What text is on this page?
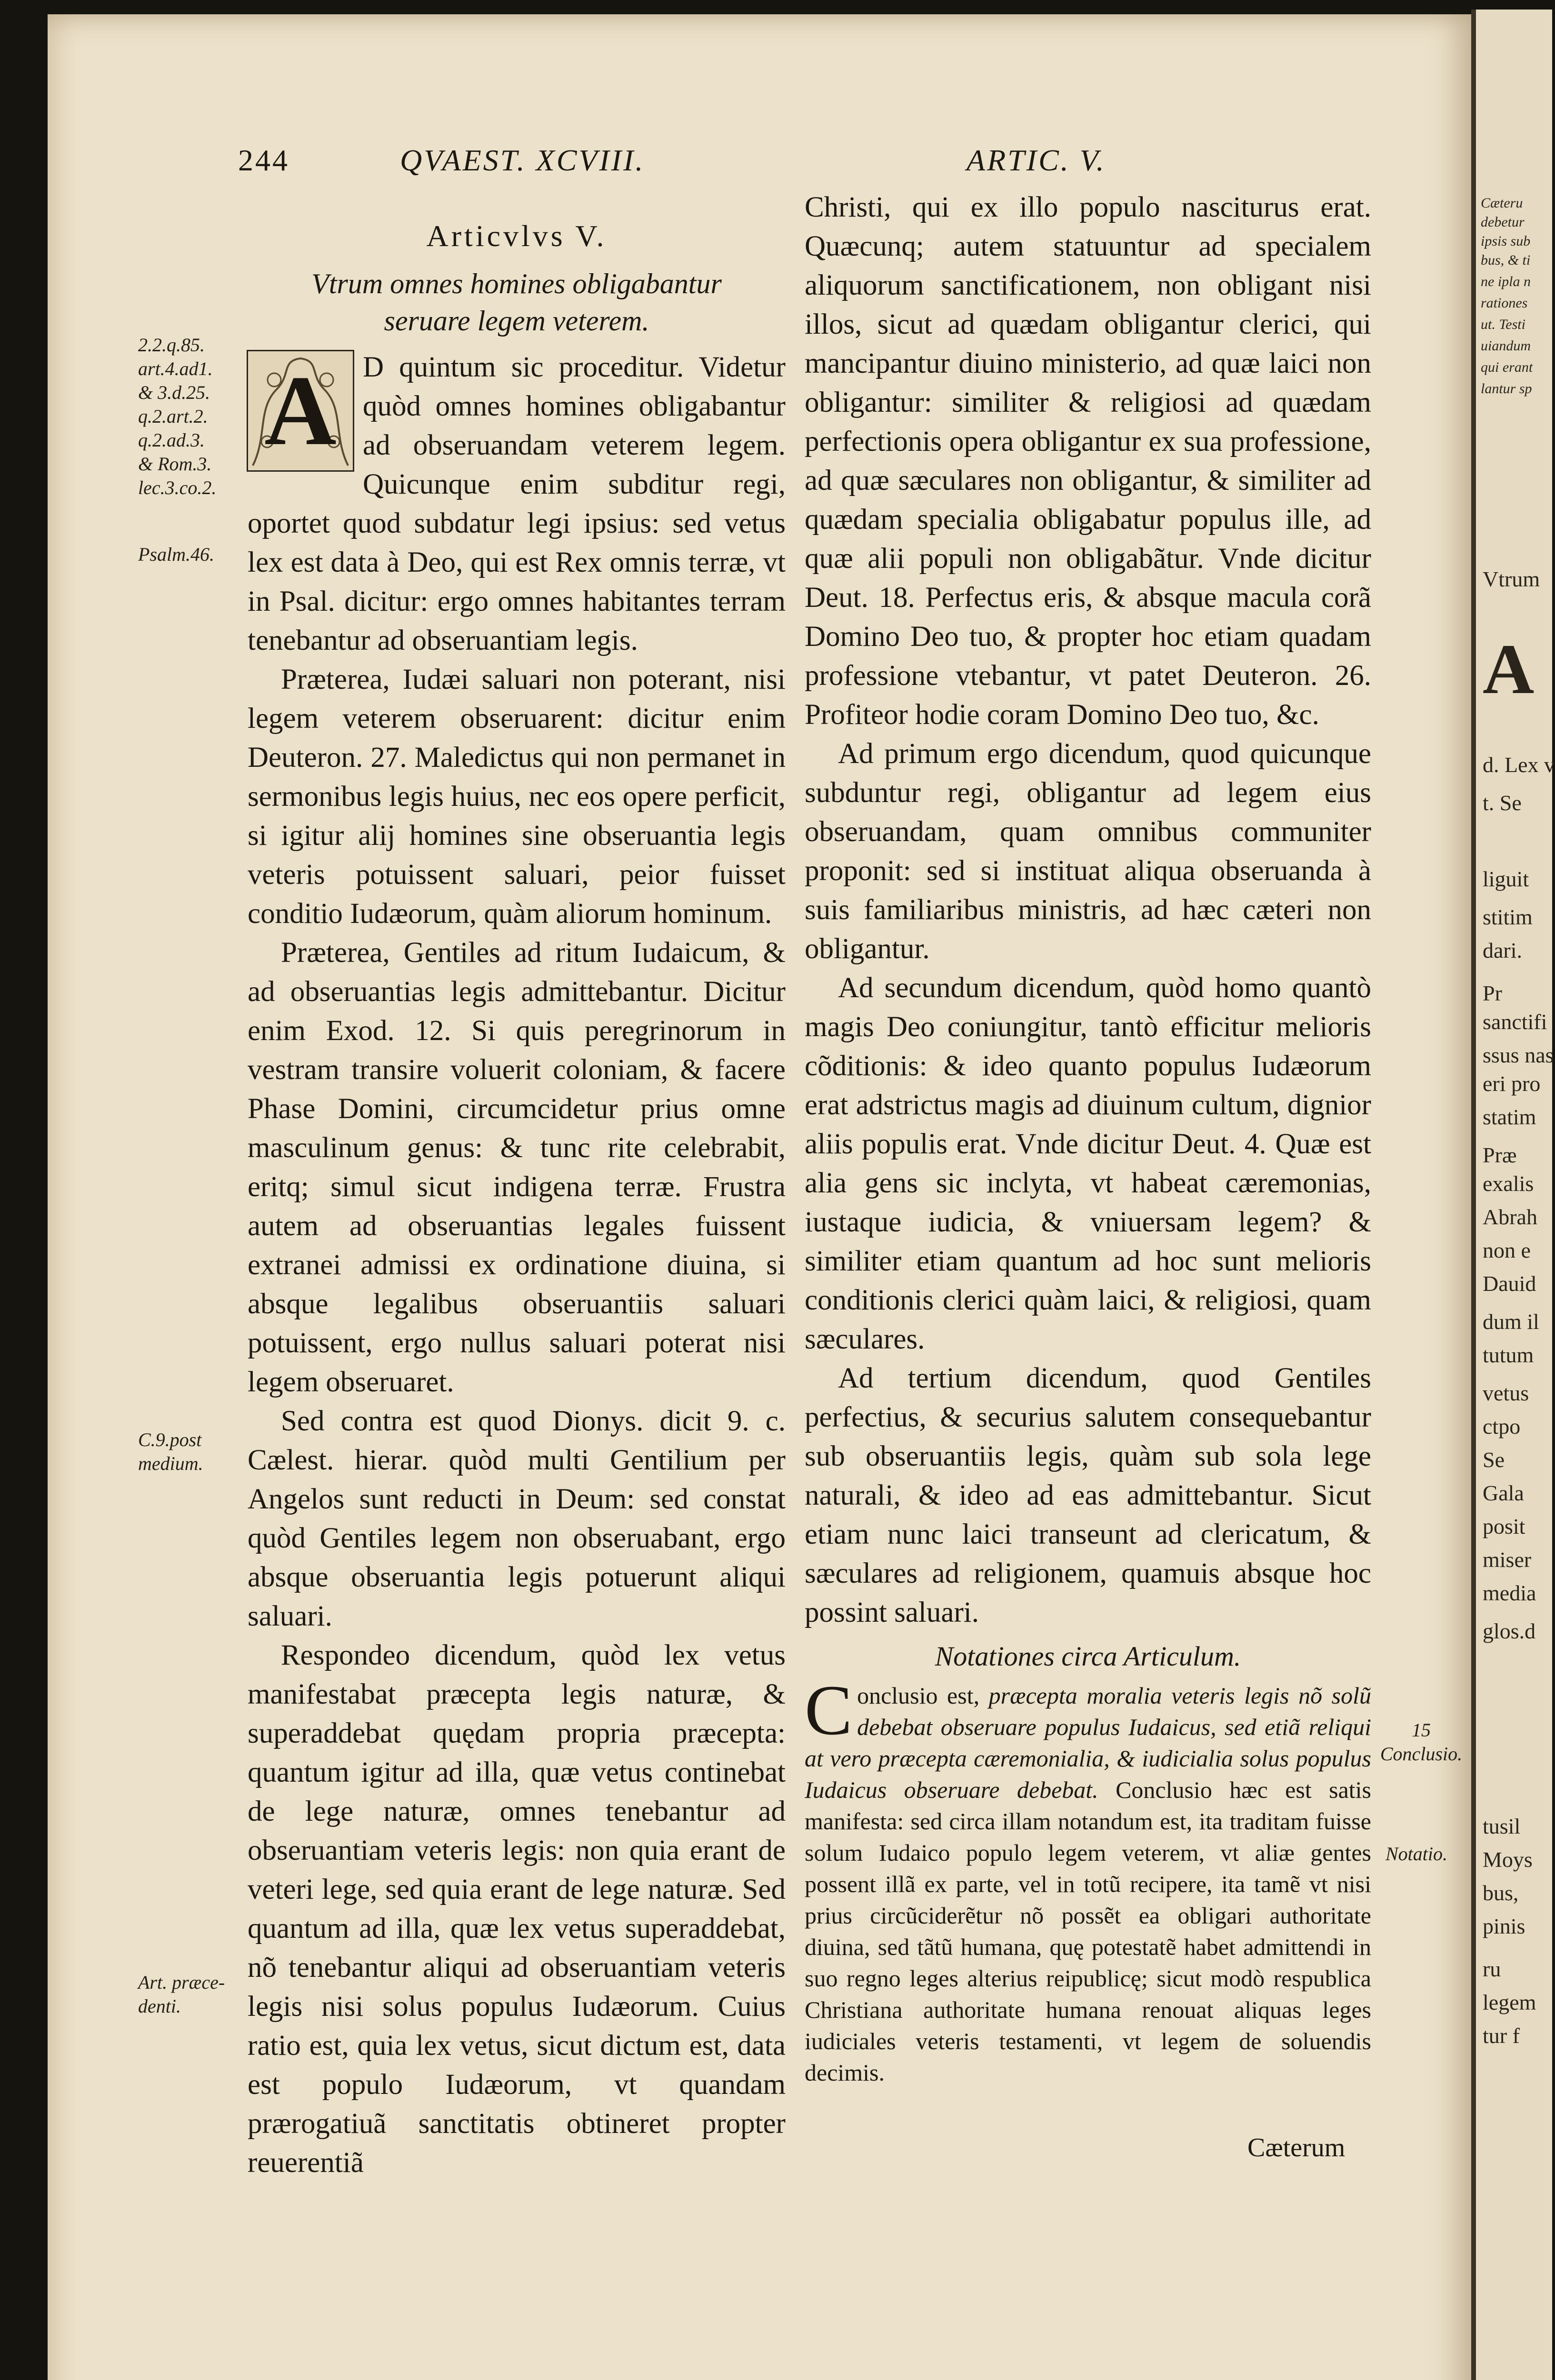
Cæteru
debetur
ipsis sub
bus, & ti
ne ipla n
rationes
ut. Testi
uiandum
qui erant
lantur sp
Vtrum
A
d. Lex v
t. Se
liguit
stitim
dari.
Pr
sanctifi
ssus nas
eri pro
statim
Præ
exalis
Abrah
non e
Dauid
dum il
tutum
vetus
ctpo
Se
Gala
posit
miser
media
glos.d
tusil
Moys
bus,
pinis
ru
legem
tur f
244	QVAEST. XCVIII.	ARTIC. V.
Articvlvs V.
Vtrum omnes homines obligabantur seruare legem veterem.
A D quintum sic proceditur. Videtur quòd omnes homines obligabantur ad obseruandam veterem legem. Quicunque enim subditur regi, oportet quod subdatur legi ipsius: sed vetus lex est data à Deo, qui est Rex omnis terræ, vt in Psal. dicitur: ergo omnes habitantes terram tenebantur ad obseruantiam legis.

Præterea, Iudæi saluari non poterant, nisi legem veterem obseruarent: dicitur enim Deuteron. 27. Maledictus qui non permanet in sermonibus legis huius, nec eos opere perficit, si igitur alij homines sine obseruantia legis veteris potuissent saluari, peior fuisset conditio Iudæorum, quàm aliorum hominum.

Præterea, Gentiles ad ritum Iudaicum, & ad obseruantias legis admittebantur. Dicitur enim Exod. 12. Si quis peregrinorum in vestram transire voluerit coloniam, & facere Phase Domini, circumcidetur prius omne masculinum genus: & tunc rite celebrabit, eritq; simul sicut indigena terræ. Frustra autem ad obseruantias legales fuissent extranei admissi ex ordinatione diuina, si absque legalibus obseruantiis saluari potuissent, ergo nullus saluari poterat nisi legem obseruaret.

Sed contra est quod Dionys. dicit 9. c. Cælest. hierar. quòd multi Gentilium per Angelos sunt reducti in Deum: sed constat quòd Gentiles legem non obseruabant, ergo absque obseruantia legis potuerunt aliqui saluari.

Respondeo dicendum, quòd lex vetus manifestabat præcepta legis naturæ, & superaddebat quędam propria præcepta: quantum igitur ad illa, quæ vetus continebat de lege naturæ, omnes tenebantur ad obseruantiam veteris legis: non quia erant de veteri lege, sed quia erant de lege naturæ. Sed quantum ad illa, quæ lex vetus superaddebat, nõ tenebantur aliqui ad obseruantiam veteris legis nisi solus populus Iudæorum. Cuius ratio est, quia lex vetus, sicut dictum est, data est populo Iudæorum, vt quandam prærogatiuã sanctitatis obtineret propter reuerentiã

Christi, qui ex illo populo nasciturus erat. Quæcunq; autem statuuntur ad specialem aliquorum sanctificationem, non obligant nisi illos, sicut ad quædam obligantur clerici, qui mancipantur diuino ministerio, ad quæ laici non obligantur: similiter & religiosi ad quædam perfectionis opera obligantur ex sua professione, ad quæ sæculares non obligantur, & similiter ad quædam specialia obligabatur populus ille, ad quæ alii populi non obligabãtur. Vnde dicitur Deut. 18. Perfectus eris, & absque macula corã Domino Deo tuo, & propter hoc etiam quadam professione vtebantur, vt patet Deuteron. 26. Profiteor hodie coram Domino Deo tuo, &c.

Ad primum ergo dicendum, quod quicunque subduntur regi, obligantur ad legem eius obseruandam, quam omnibus communiter proponit: sed si instituat aliqua obseruanda à suis familiaribus ministris, ad hæc cæteri non obligantur.

Ad secundum dicendum, quòd homo quantò magis Deo coniungitur, tantò efficitur melioris cõditionis: & ideo quanto populus Iudæorum erat adstrictus magis ad diuinum cultum, dignior aliis populis erat. Vnde dicitur Deut. 4. Quæ est alia gens sic inclyta, vt habeat cæremonias, iustaque iudicia, & vniuersam legem? & similiter etiam quantum ad hoc sunt melioris conditionis clerici quàm laici, & religiosi, quam sæculares.

Ad tertium dicendum, quod Gentiles perfectius, & securius salutem consequebantur sub obseruantiis legis, quàm sub sola lege naturali, & ideo ad eas admittebantur. Sicut etiam nunc laici transeunt ad clericatum, & sæculares ad religionem, quamuis absque hoc possint saluari.

Notationes circa Articulum.
Conclusio est, præcepta moralia veteris legis nõ solũ debebat obseruare populus Iudaicus, sed etiã reliqui at vero præcepta cæremonialia, & iudicialia solus populus Iudaicus obseruare debebat. Conclusio hæc est satis manifesta: sed circa illam notandum est, ita traditam fuisse solum Iudaico populo legem veterem, vt aliæ gentes possent illã ex parte, vel in totũ recipere, ita tamẽ vt nisi prius circũciderẽtur nõ possẽt ea obligari authoritate diuina, sed tãtũ humana, quę potestatẽ habet admittendi in suo regno leges alterius reipublicę; sicut modò respublica Christiana authoritate humana renouat aliquas leges iudiciales veteris testamenti, vt legem de soluendis decimis.
Cæterum
2.2.q.85.
art.4.ad1.
& 3.d.25.
q.2.art.2.
q.2.ad.3.
& Rom.3.
lec.3.co.2.
Psalm.46.
C.9.post
medium.
Art. præce-
denti.
15
Conclusio.
Notatio.
